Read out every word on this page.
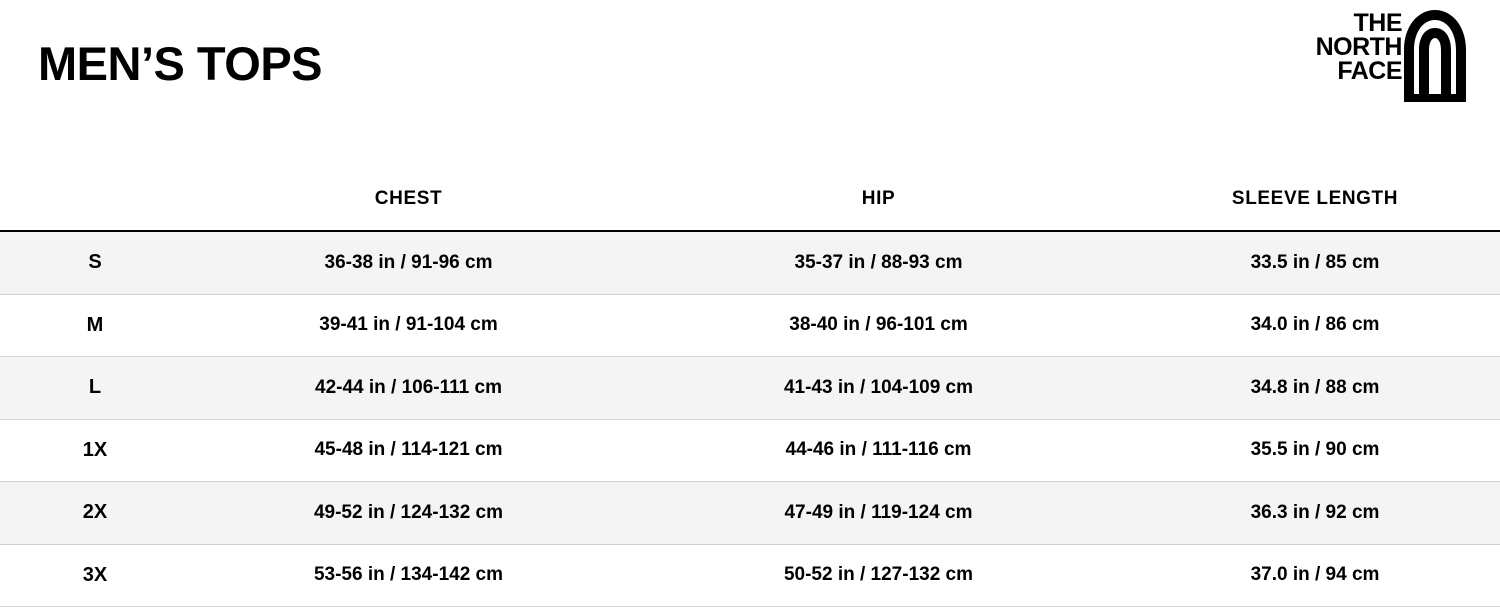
MEN’S TOPS
THE
NORTH
FACE
	CHEST	HIP	SLEEVE LENGTH
S	36-38 in / 91-96 cm	35-37 in / 88-93 cm	33.5 in / 85 cm
M	39-41 in / 91-104 cm	38-40 in / 96-101 cm	34.0 in / 86 cm
L	42-44 in / 106-111 cm	41-43 in / 104-109 cm	34.8 in / 88 cm
1X	45-48 in / 114-121 cm	44-46 in / 111-116 cm	35.5 in / 90 cm
2X	49-52 in / 124-132 cm	47-49 in / 119-124 cm	36.3 in / 92 cm
3X	53-56 in / 134-142 cm	50-52 in / 127-132 cm	37.0 in / 94 cm
